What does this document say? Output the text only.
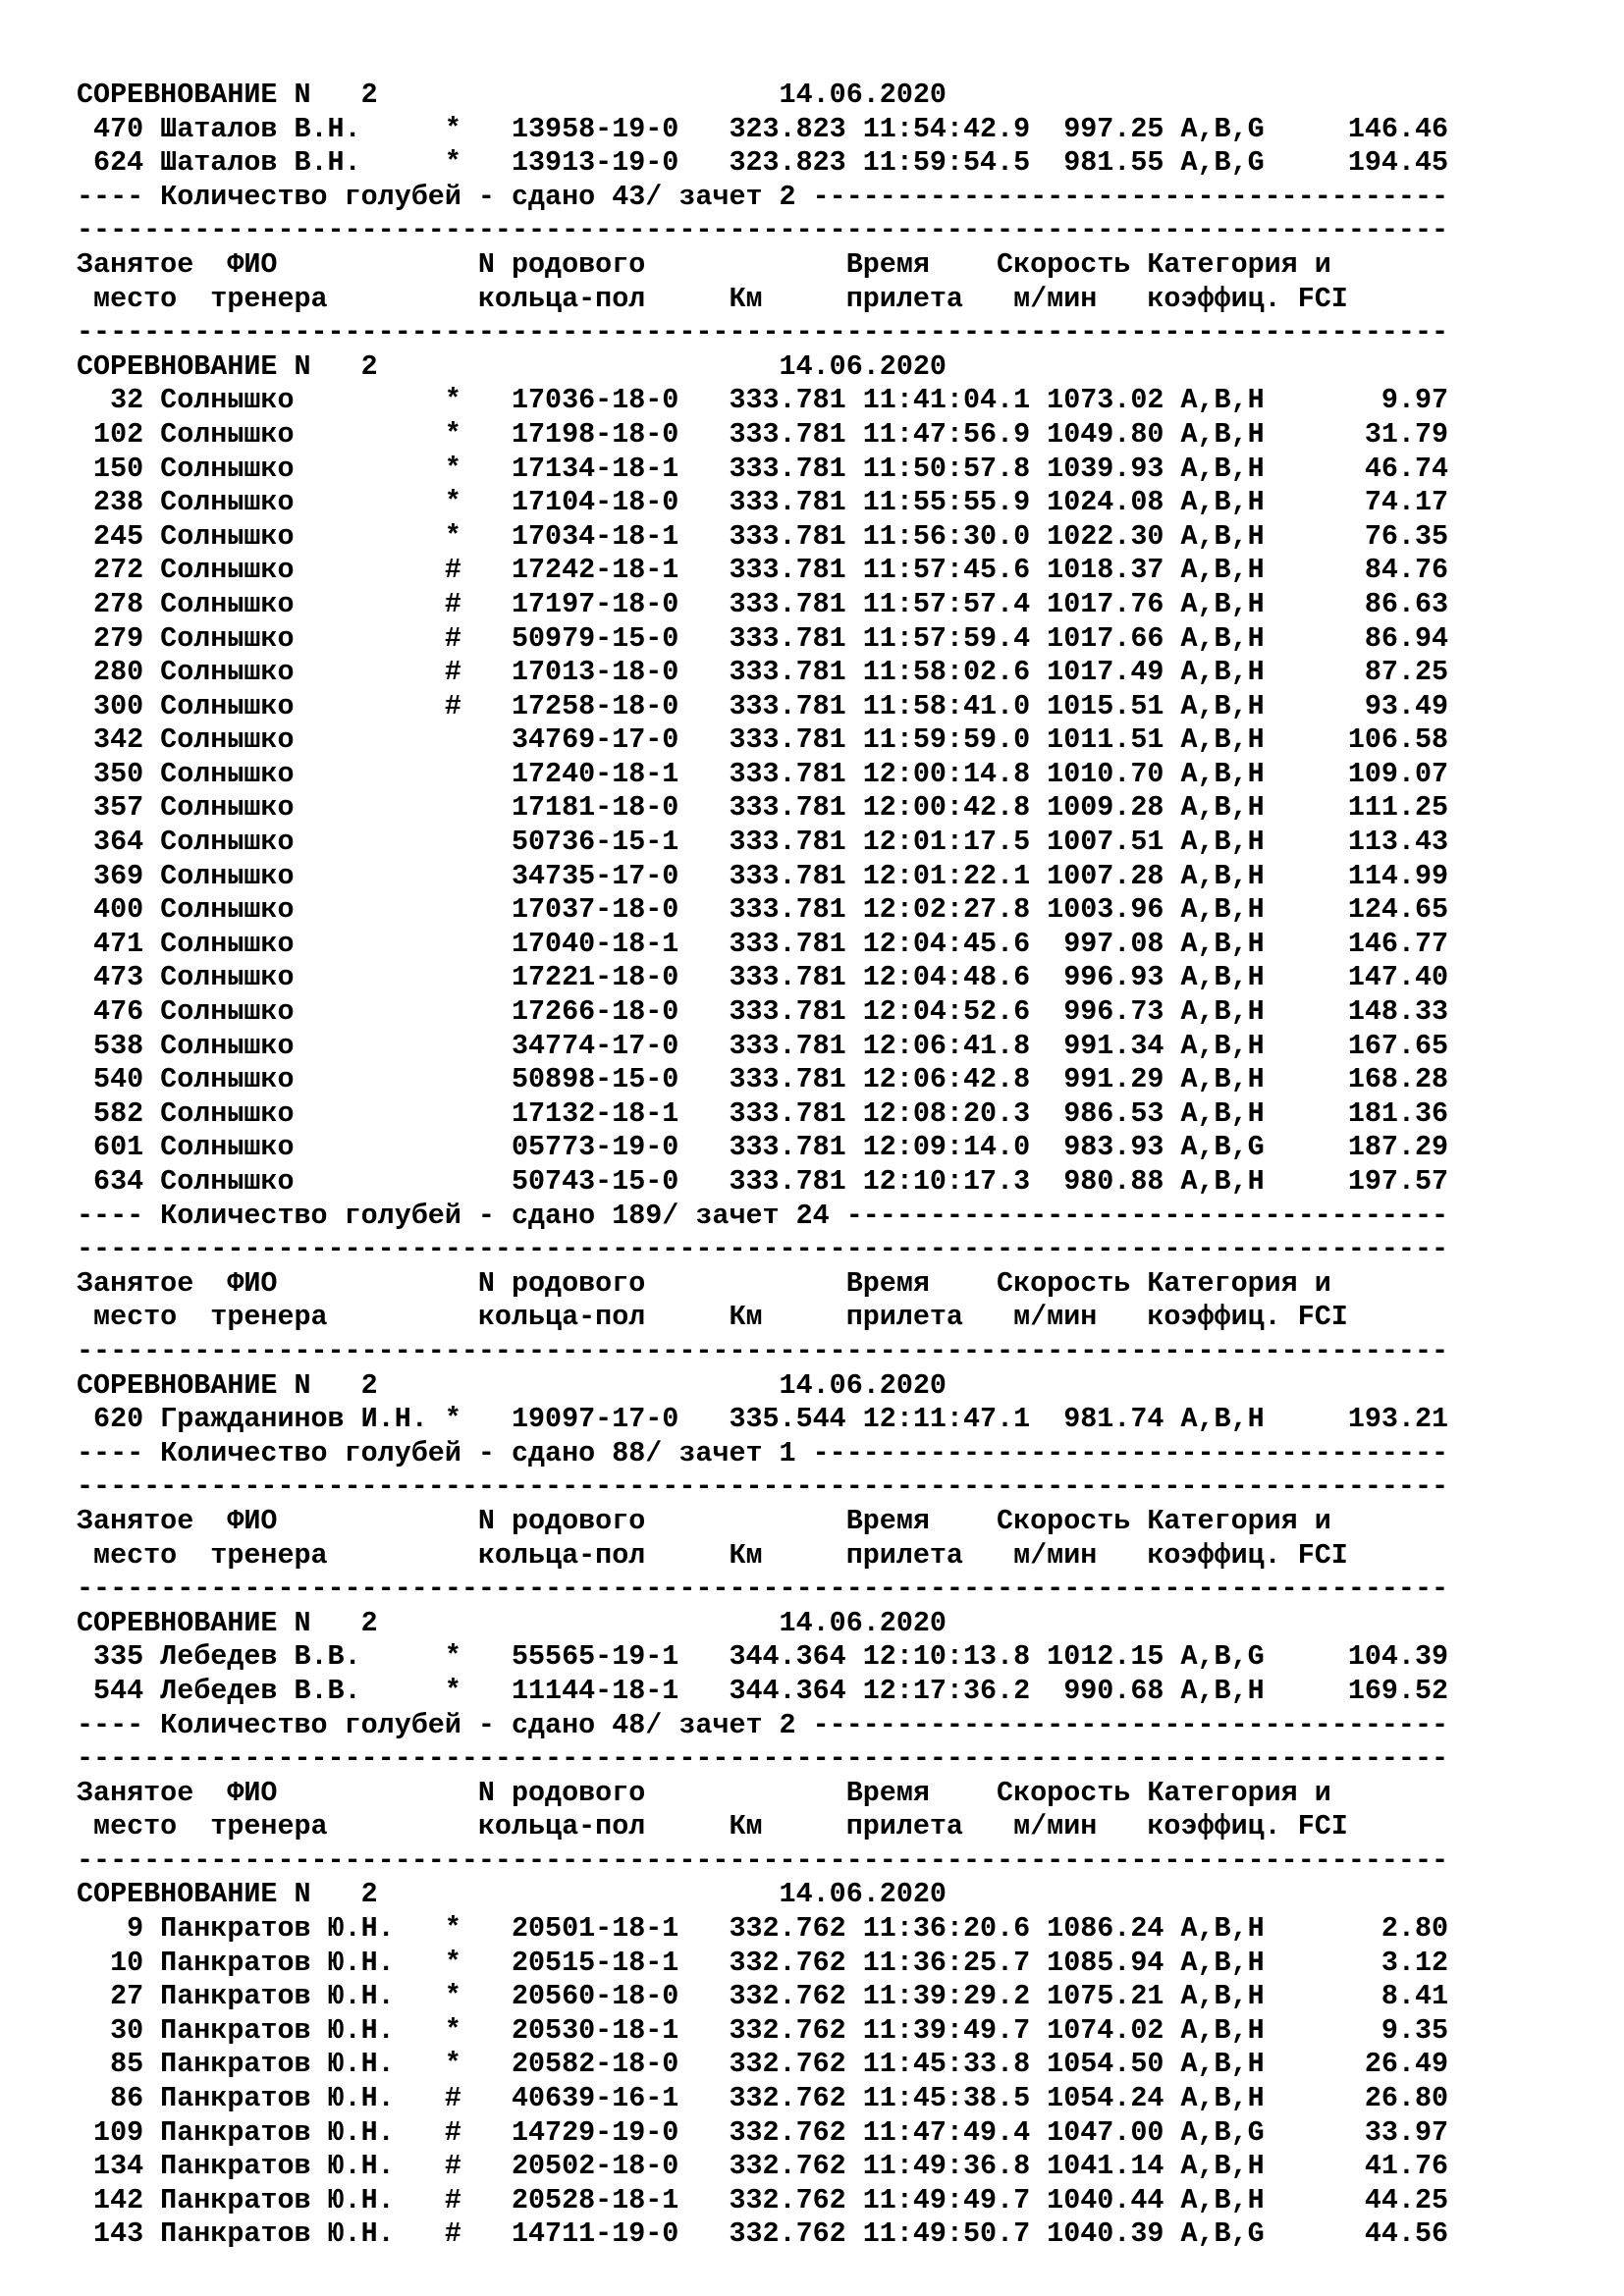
СОРЕВНОВАНИЕ N   2                        14.06.2020
470 Шаталов В.Н.     *   13958-19-0   323.823 11:54:42.9  997.25 A,B,G     146.46
624 Шаталов В.Н.     *   13913-19-0   323.823 11:59:54.5  981.55 A,B,G     194.45
---- Количество голубей - сдано 43/ зачет 2 --------------------------------------
----------------------------------------------------------------------------------
Занятое  ФИО            N родового            Время    Скорость Категория и
место  тренера         кольца-пол     Км     прилета   м/мин   коэффиц. FCI
----------------------------------------------------------------------------------
СОРЕВНОВАНИЕ N   2                        14.06.2020
32 Солнышко         *   17036-18-0   333.781 11:41:04.1 1073.02 A,B,H       9.97
102 Солнышко         *   17198-18-0   333.781 11:47:56.9 1049.80 A,B,H      31.79
150 Солнышко         *   17134-18-1   333.781 11:50:57.8 1039.93 A,B,H      46.74
238 Солнышко         *   17104-18-0   333.781 11:55:55.9 1024.08 A,B,H      74.17
245 Солнышко         *   17034-18-1   333.781 11:56:30.0 1022.30 A,B,H      76.35
272 Солнышко         #   17242-18-1   333.781 11:57:45.6 1018.37 A,B,H      84.76
278 Солнышко         #   17197-18-0   333.781 11:57:57.4 1017.76 A,B,H      86.63
279 Солнышко         #   50979-15-0   333.781 11:57:59.4 1017.66 A,B,H      86.94
280 Солнышко         #   17013-18-0   333.781 11:58:02.6 1017.49 A,B,H      87.25
300 Солнышко         #   17258-18-0   333.781 11:58:41.0 1015.51 A,B,H      93.49
342 Солнышко             34769-17-0   333.781 11:59:59.0 1011.51 A,B,H     106.58
350 Солнышко             17240-18-1   333.781 12:00:14.8 1010.70 A,B,H     109.07
357 Солнышко             17181-18-0   333.781 12:00:42.8 1009.28 A,B,H     111.25
364 Солнышко             50736-15-1   333.781 12:01:17.5 1007.51 A,B,H     113.43
369 Солнышко             34735-17-0   333.781 12:01:22.1 1007.28 A,B,H     114.99
400 Солнышко             17037-18-0   333.781 12:02:27.8 1003.96 A,B,H     124.65
471 Солнышко             17040-18-1   333.781 12:04:45.6  997.08 A,B,H     146.77
473 Солнышко             17221-18-0   333.781 12:04:48.6  996.93 A,B,H     147.40
476 Солнышко             17266-18-0   333.781 12:04:52.6  996.73 A,B,H     148.33
538 Солнышко             34774-17-0   333.781 12:06:41.8  991.34 A,B,H     167.65
540 Солнышко             50898-15-0   333.781 12:06:42.8  991.29 A,B,H     168.28
582 Солнышко             17132-18-1   333.781 12:08:20.3  986.53 A,B,H     181.36
601 Солнышко             05773-19-0   333.781 12:09:14.0  983.93 A,B,G     187.29
634 Солнышко             50743-15-0   333.781 12:10:17.3  980.88 A,B,H     197.57
---- Количество голубей - сдано 189/ зачет 24 ------------------------------------
----------------------------------------------------------------------------------
Занятое  ФИО            N родового            Время    Скорость Категория и
место  тренера         кольца-пол     Км     прилета   м/мин   коэффиц. FCI
----------------------------------------------------------------------------------
СОРЕВНОВАНИЕ N   2                        14.06.2020
620 Гражданинов И.Н. *   19097-17-0   335.544 12:11:47.1  981.74 A,B,H     193.21
---- Количество голубей - сдано 88/ зачет 1 --------------------------------------
----------------------------------------------------------------------------------
Занятое  ФИО            N родового            Время    Скорость Категория и
место  тренера         кольца-пол     Км     прилета   м/мин   коэффиц. FCI
----------------------------------------------------------------------------------
СОРЕВНОВАНИЕ N   2                        14.06.2020
335 Лебедев В.В.     *   55565-19-1   344.364 12:10:13.8 1012.15 A,B,G     104.39
544 Лебедев В.В.     *   11144-18-1   344.364 12:17:36.2  990.68 A,B,H     169.52
---- Количество голубей - сдано 48/ зачет 2 --------------------------------------
----------------------------------------------------------------------------------
Занятое  ФИО            N родового            Время    Скорость Категория и
место  тренера         кольца-пол     Км     прилета   м/мин   коэффиц. FCI
----------------------------------------------------------------------------------
СОРЕВНОВАНИЕ N   2                        14.06.2020
9 Панкратов Ю.Н.   *   20501-18-1   332.762 11:36:20.6 1086.24 A,B,H       2.80
10 Панкратов Ю.Н.   *   20515-18-1   332.762 11:36:25.7 1085.94 A,B,H       3.12
27 Панкратов Ю.Н.   *   20560-18-0   332.762 11:39:29.2 1075.21 A,B,H       8.41
30 Панкратов Ю.Н.   *   20530-18-1   332.762 11:39:49.7 1074.02 A,B,H       9.35
85 Панкратов Ю.Н.   *   20582-18-0   332.762 11:45:33.8 1054.50 A,B,H      26.49
86 Панкратов Ю.Н.   #   40639-16-1   332.762 11:45:38.5 1054.24 A,B,H      26.80
109 Панкратов Ю.Н.   #   14729-19-0   332.762 11:47:49.4 1047.00 A,B,G      33.97
134 Панкратов Ю.Н.   #   20502-18-0   332.762 11:49:36.8 1041.14 A,B,H      41.76
142 Панкратов Ю.Н.   #   20528-18-1   332.762 11:49:49.7 1040.44 A,B,H      44.25
143 Панкратов Ю.Н.   #   14711-19-0   332.762 11:49:50.7 1040.39 A,B,G      44.56
